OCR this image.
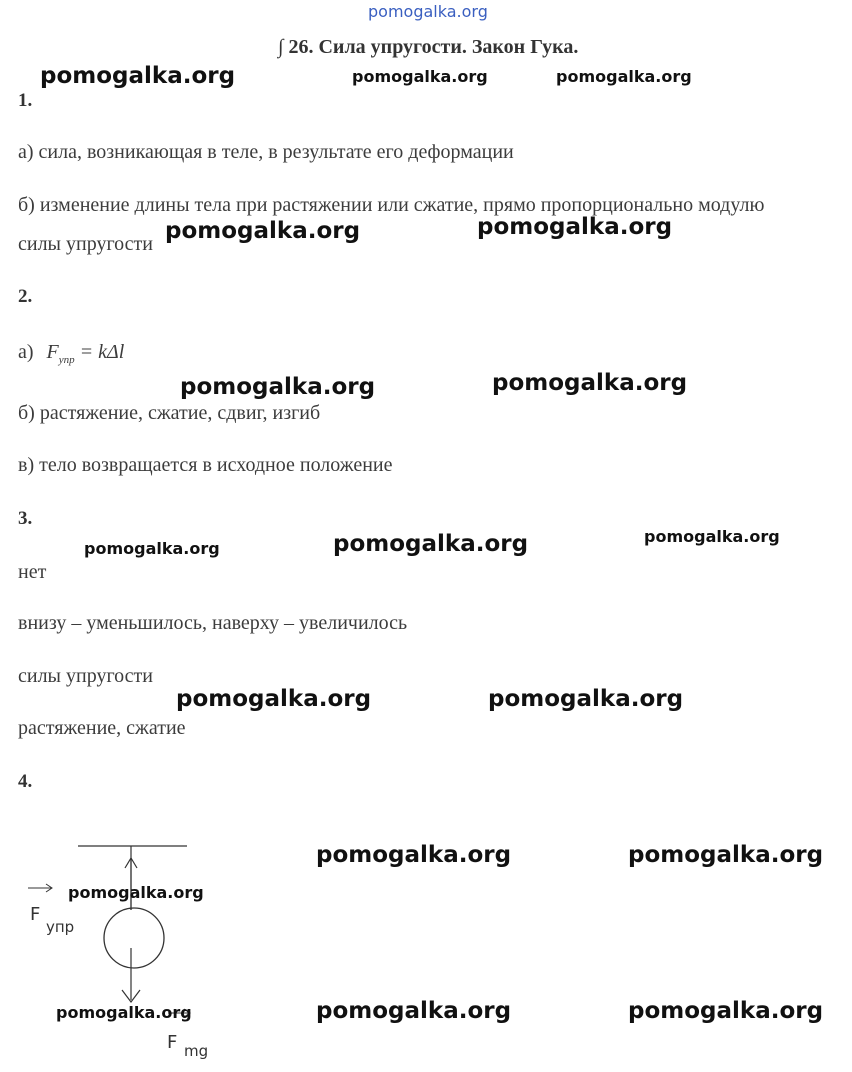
pomogalka.org
∫ 26. Сила упругости. Закон Гука.
1.
а) сила, возникающая в теле, в результате его деформации
б) изменение длины тела при растяжении или сжатие, прямо пропорционально модулю
силы упругости
2.
а) $F_{упр} = k\Delta l$
б) растяжение, сжатие, сдвиг, изгиб
в) тело возвращается в исходное положение
3.
нет
внизу – уменьшилось, наверху – увеличилось
силы упругости
растяжение, сжатие
4.
F
упр
F mg
pomogalka.org	pomogalka.org	pomogalka.org
pomogalka.org	pomogalka.org
pomogalka.org	pomogalka.org
pomogalka.org	pomogalka.org	pomogalka.org
pomogalka.org	pomogalka.org
pomogalka.org	pomogalka.org
pomogalka.org
pomogalka.org	pomogalka.org	pomogalka.org
